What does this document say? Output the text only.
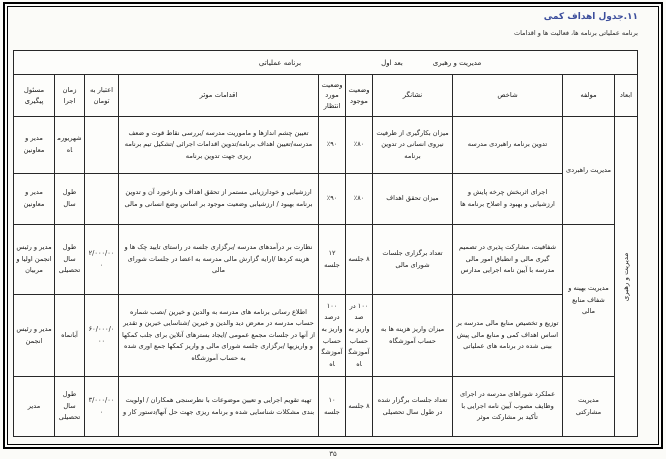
۱۱.جدول اهداف کمی
برنامه عملیاتی برنامه ها، فعالیت ها و اقدامات
برنامه عملیاتی بعد اول مدیریت و رهبری									

ابعاد	مولفه	شاخص	نشانگر	وضعیت موجود	وضعیت مورد انتظار	اقدامات موثر	اعتبار به تومان	زمان اجرا	مسئول پیگیری

مدیریت و رهبری	مدیریت راهبردی	تدوین برنامه راهبردی مدرسه	میزان بکارگیری از ظرفیت نیروی انسانی در تدوین برنامه	٪۸۰	٪۹۰	تعیین چشم اندازها و ماموریت مدرسه /بررسی نقاط قوت و ضعف مدرسه/تعیین اهداف برنامه/تدوین اقدامات اجرائی /تشکیل تیم برنامه ریزی جهت تدوین برنامه		شهریورماه	مدیر و معاونین
		اجرای اثربخش چرخه پایش و ارزشیابی و بهبود و اصلاح برنامه ها	میزان تحقق اهداف	٪۸۰	٪۹۰	ارزشیابی و خودارزیابی مستمر از تحقق اهداف و بازخورد آن و تدوین برنامه بهبود / ارزشیابی وضعیت موجود بر اساس وضع انسانی و مالی		طول سال	مدیر و معاونین
	مدیریت بهینه و شفاف منابع مالی	شفافیت، مشارکت پذیری در تصمیم گیری مالی و انطباق امور مالی مدرسه با آیین نامه اجرایی مدارس	تعداد برگزاری جلسات شورای مالی	۸ جلسه	۱۲ جلسه	نظارت بر درآمدهای مدرسه /برگزاری جلسه در راستای تایید چک ها و هزینه کردها /ارایه گزارش مالی مدرسه به اعضا در جلسات شورای مالی	۲/۰۰۰/۰۰۰	طول سال تحصیلی	مدیر و رئیس انجمن اولیا و مربیان
		توزیع و تخصیص منابع مالی مدرسه بر اساس اهداف کمی و منابع مالی پیش بینی شده در برنامه های عملیاتی	میزان واریز هزینه ها به حساب آموزشگاه	۱۰۰ در صد واریز به حساب آموزشگاه	۱۰۰ درصد واریز به حساب آموزشگاه	اطلاع رسانی برنامه های مدرسه به والدین و خیرین /نصب شماره حساب مدرسه در معرض دید والدین و خیرین /شناسایی خیرین و تقدیر از آنها در جلسات مجمع عمومی /ایجاد بسترهای آنلاین برای جلب کمکها و واریزیها /برگزاری جلسه شورای مالی و واریز کمکها جمع اوری شده به حساب آموزشگاه	۶۰/۰۰۰/۰۰۰	آبانماه	مدیر و رئیس انجمن
	مدیریت مشارکتی	عملکرد شوراهای مدرسه در اجرای وظایف مصوب آیین نامه اجرایی با تأکید بر مشارکت موثر	تعداد جلسات برگزار شده در طول سال تحصیلی	۸ جلسه	۱۰ جلسه	تهیه تقویم اجرایی و تعیین موضوعات با نظرسنجی همکاران / اولویت بندی مشکلات شناسایی شده و برنامه ریزی جهت حل آنها/دستور کار و	۳/۰۰۰/۰۰۰	طول سال تحصیلی	مدیر
۳۵
